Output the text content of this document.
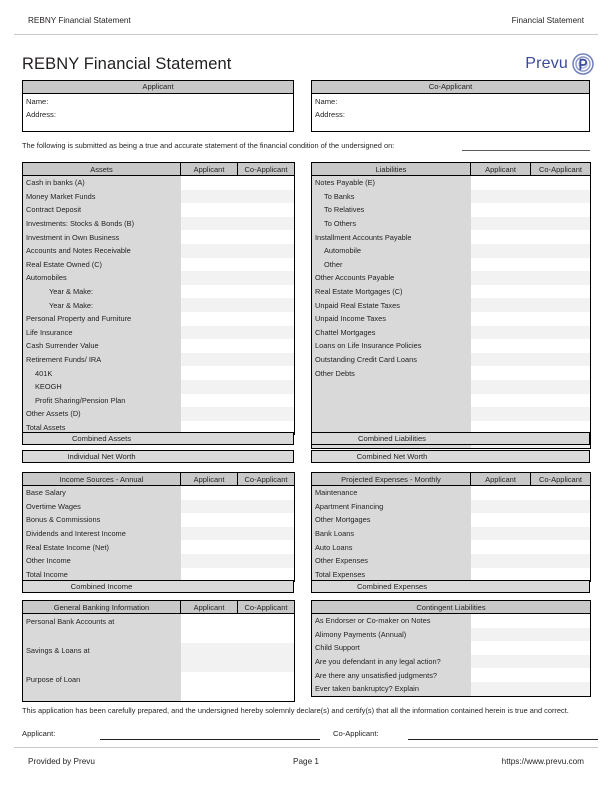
REBNY Financial Statement	Financial Statement
REBNY Financial Statement	Prevu
Applicant
Name:
Address:
Co-Applicant
Name:
Address:
The following is submitted as being a true and accurate statement of the financial condition of the undersigned on:
Assets	Applicant	Co-Applicant
Cash in banks (A)		
Money Market Funds		
Contract Deposit		
Investments: Stocks & Bonds (B)		
Investment in Own Business		
Accounts and Notes Receivable		
Real Estate Owned (C)		
Automobiles		
Year & Make:		
Year & Make:		
Personal Property and Furniture		
Life Insurance		
Cash Surrender Value		
Retirement Funds/ IRA		
401K		
KEOGH		
Profit Sharing/Pension Plan		
Other Assets (D)		
Total Assets		
Combined Assets
Individual Net Worth
Liabilities	Applicant	Co-Applicant
Notes Payable (E)		
To Banks		
To Relatives		
To Others		
Installment Accounts Payable		
Automobile		
Other		
Other Accounts Payable		
Real Estate Mortgages (C)		
Unpaid Real Estate Taxes		
Unpaid Income Taxes		
Chattel Mortgages		
Loans on Life Insurance Policies		
Outstanding Credit Card Loans		
Other Debts		

Combined Liabilities
Combined Net Worth
Income Sources - Annual	Applicant	Co-Applicant
Base Salary		
Overtime Wages		
Bonus & Commissions		
Dividends and Interest Income		
Real Estate Income (Net)		
Other Income		
Total Income		
Combined Income
Projected Expenses - Monthly	Applicant	Co-Applicant
Maintenance		
Apartment Financing		
Other Mortgages		
Bank Loans		
Auto Loans		
Other Expenses		
Total Expenses		
Combined Expenses
General Banking Information	Applicant	Co-Applicant
Personal Bank Accounts at		
Savings & Loans at		
Purpose of Loan		
Contingent Liabilities	
As Endorser or Co-maker on Notes	
Alimony Payments (Annual)	
Child Support	
Are you defendant in any legal action?	
Are there any unsatisfied judgments?	
Ever taken bankruptcy? Explain	
This application has been carefully prepared, and the undersigned hereby solemnly declare(s) and certify(s) that all the information contained herein is true and correct.
Applicant:	Co-Applicant:
Provided by Prevu	Page 1	https://www.prevu.com
